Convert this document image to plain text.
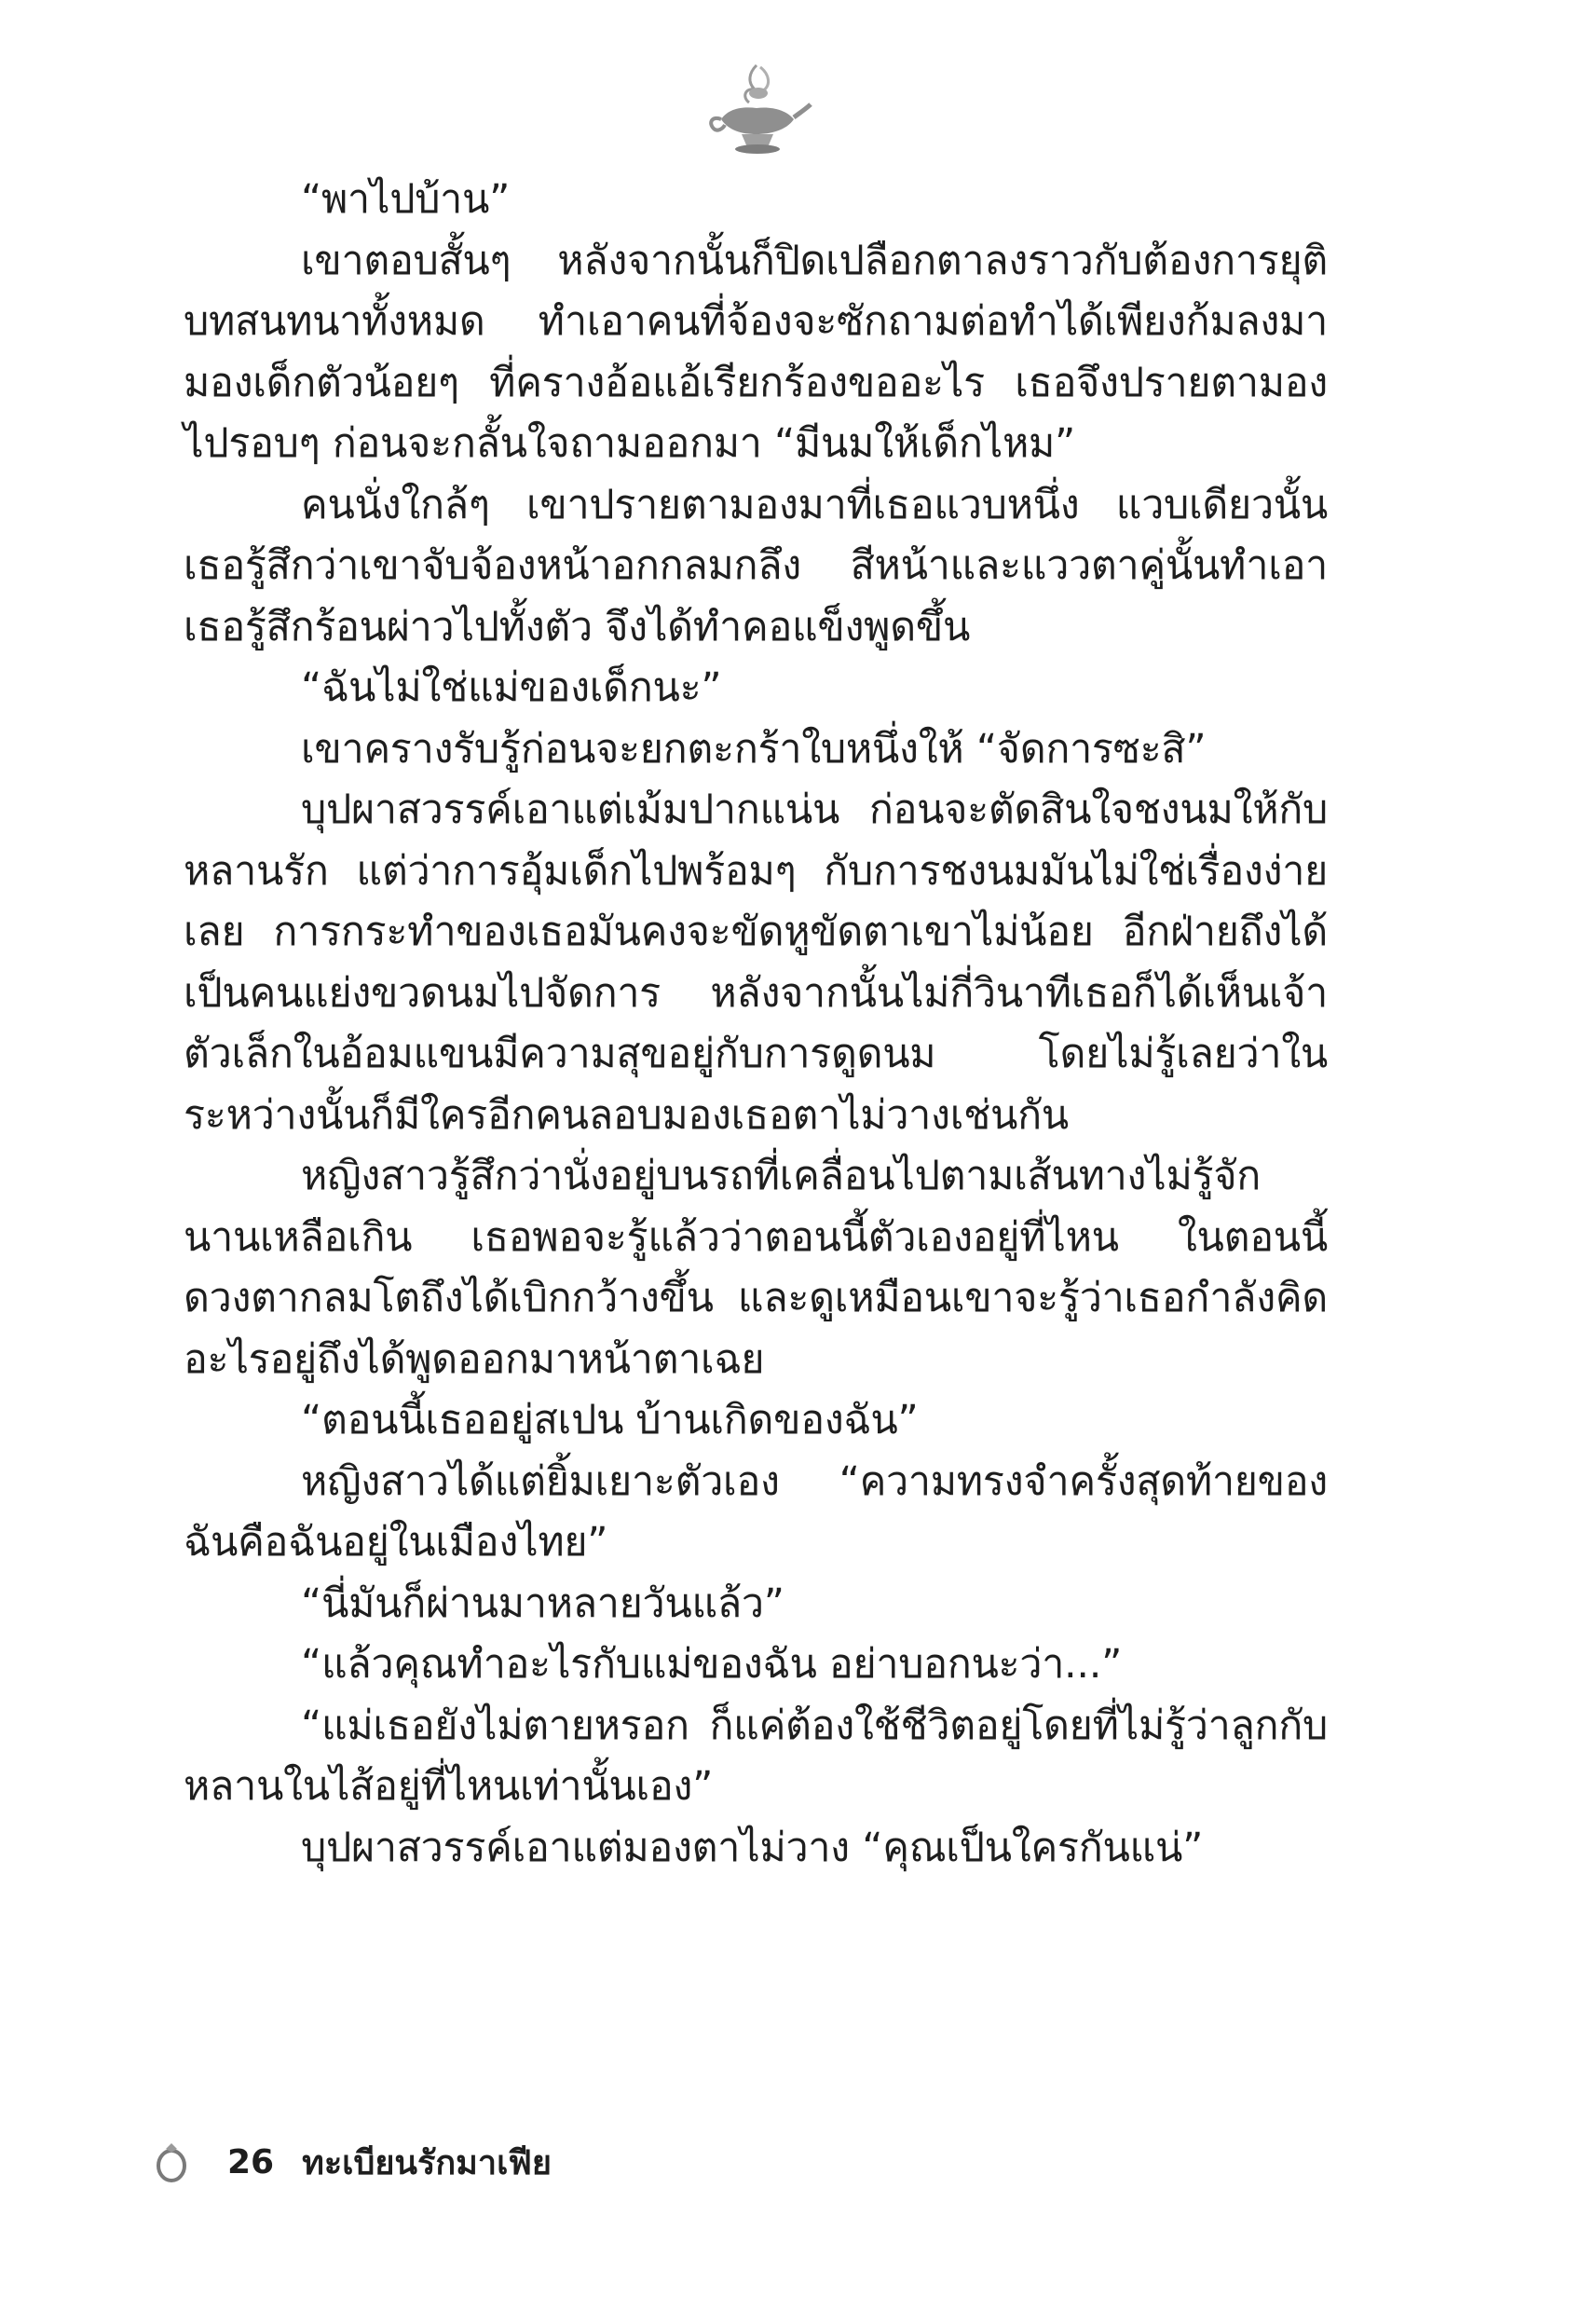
“พาไปบ้าน”

เขาตอบสั้นๆ หลังจากนั้นก็ปิดเปลือกตาลงราวกับต้องการยุติบทสนทนาทั้งหมด ทำเอาคนที่จ้องจะซักถามต่อทำได้เพียงก้มลงมามองเด็กตัวน้อยๆ ที่ครางอ้อแอ้เรียกร้องขออะไร เธอจึงปรายตามองไปรอบๆ ก่อนจะกลั้นใจถามออกมา “มีนมให้เด็กไหม”

คนนั่งใกล้ๆ เขาปรายตามองมาที่เธอแวบหนึ่ง แวบเดียวนั้นเธอรู้สึกว่าเขาจับจ้องหน้าอกกลมกลึง สีหน้าและแววตาคู่นั้นทำเอาเธอรู้สึกร้อนผ่าวไปทั้งตัว จึงได้ทำคอแข็งพูดขึ้น

“ฉันไม่ใช่แม่ของเด็กนะ”

เขาครางรับรู้ก่อนจะยกตะกร้าใบหนึ่งให้ “จัดการซะสิ”

บุปผาสวรรค์เอาแต่เม้มปากแน่น ก่อนจะตัดสินใจชงนมให้กับหลานรัก แต่ว่าการอุ้มเด็กไปพร้อมๆ กับการชงนมมันไม่ใช่เรื่องง่ายเลย การกระทำของเธอมันคงจะขัดหูขัดตาเขาไม่น้อย อีกฝ่ายถึงได้เป็นคนแย่งขวดนมไปจัดการ หลังจากนั้นไม่กี่วินาทีเธอก็ได้เห็นเจ้าตัวเล็กในอ้อมแขนมีความสุขอยู่กับการดูดนม โดยไม่รู้เลยว่าในระหว่างนั้นก็มีใครอีกคนลอบมองเธอตาไม่วางเช่นกัน

หญิงสาวรู้สึกว่านั่งอยู่บนรถที่เคลื่อนไปตามเส้นทางไม่รู้จักนานเหลือเกิน เธอพอจะรู้แล้วว่าตอนนี้ตัวเองอยู่ที่ไหน ในตอนนี้ดวงตากลมโตถึงได้เบิกกว้างขึ้น และดูเหมือนเขาจะรู้ว่าเธอกำลังคิดอะไรอยู่ถึงได้พูดออกมาหน้าตาเฉย

“ตอนนี้เธออยู่สเปน บ้านเกิดของฉัน”

หญิงสาวได้แต่ยิ้มเยาะตัวเอง “ความทรงจำครั้งสุดท้ายของฉันคือฉันอยู่ในเมืองไทย”

“นี่มันก็ผ่านมาหลายวันแล้ว”

“แล้วคุณทำอะไรกับแม่ของฉัน อย่าบอกนะว่า...”

“แม่เธอยังไม่ตายหรอก ก็แค่ต้องใช้ชีวิตอยู่โดยที่ไม่รู้ว่าลูกกับหลานในไส้อยู่ที่ไหนเท่านั้นเอง”

บุปผาสวรรค์เอาแต่มองตาไม่วาง “คุณเป็นใครกันแน่”

26 ทะเบียนรักมาเฟีย
